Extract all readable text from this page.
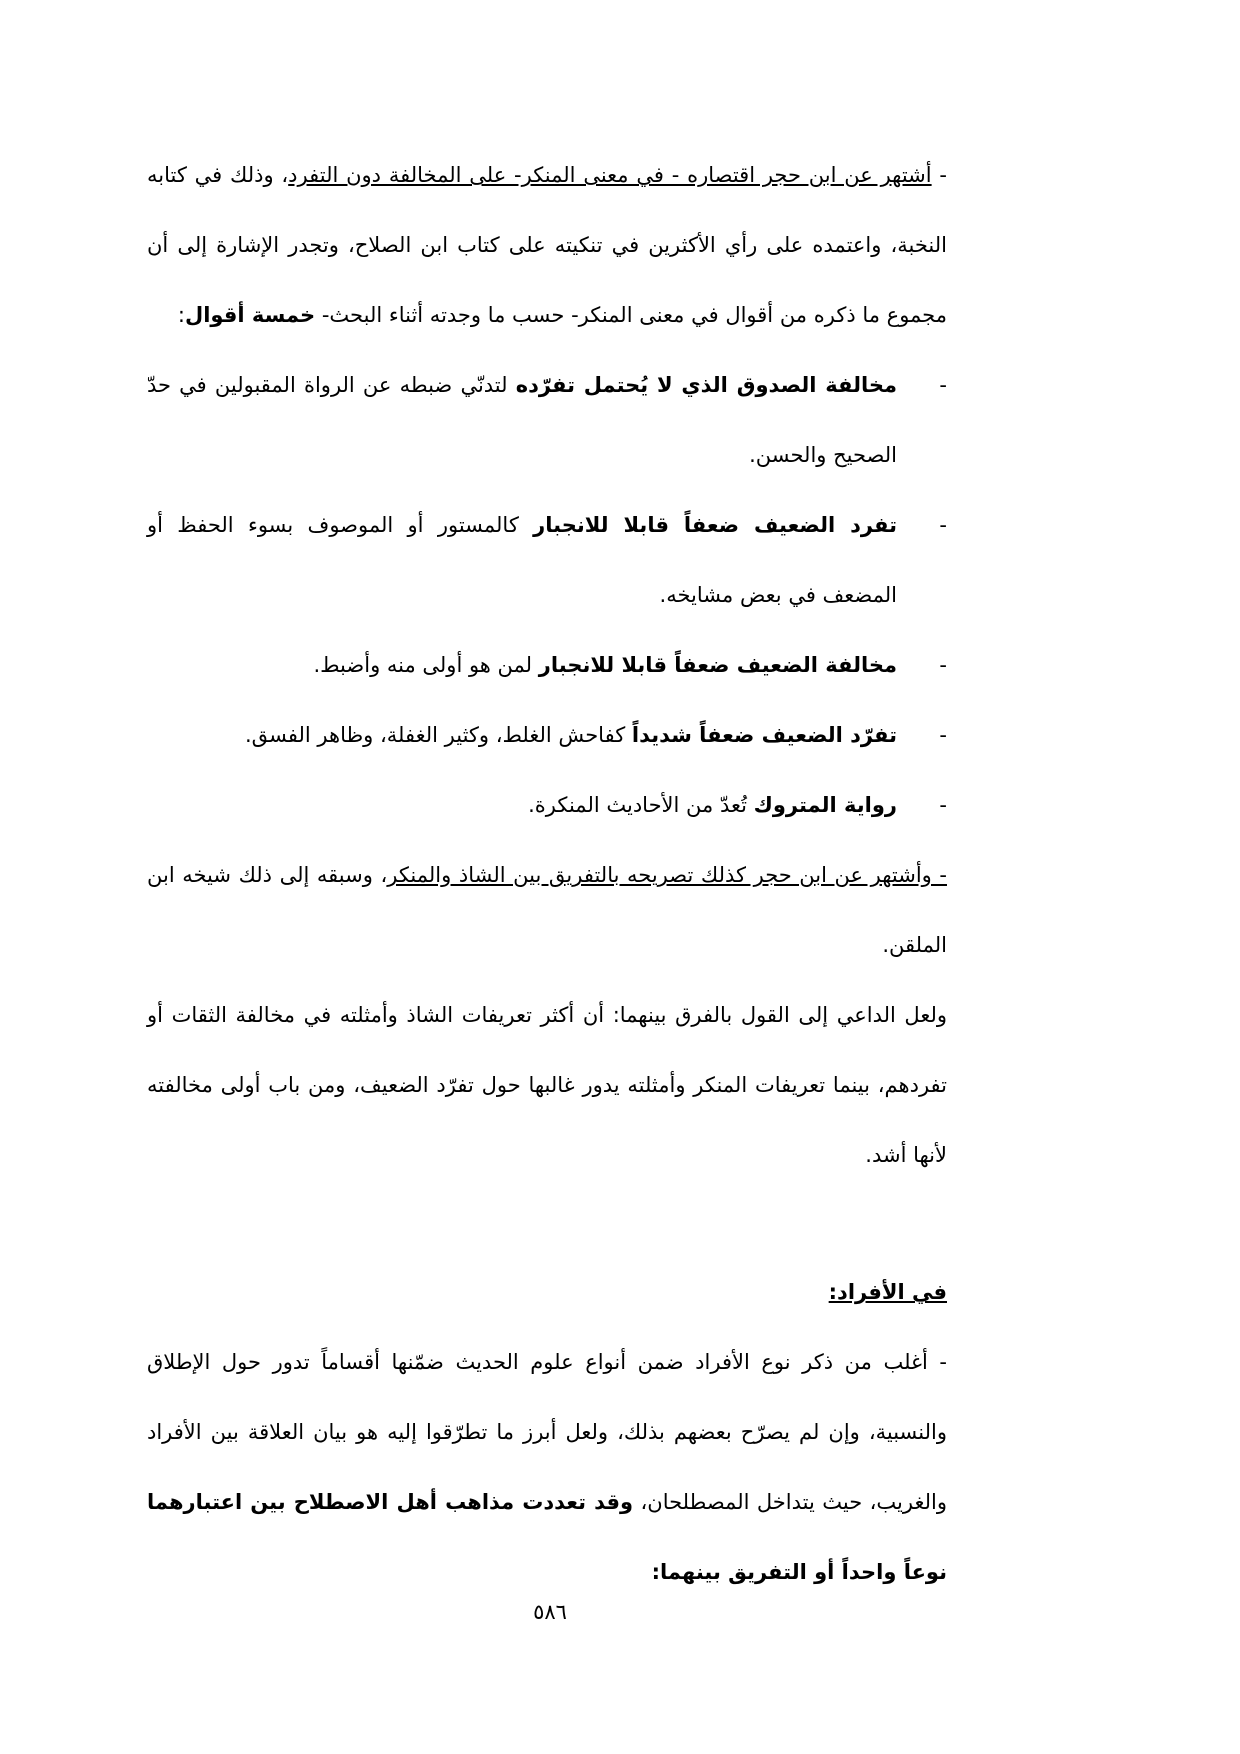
- أشتهر عن ابن حجر اقتصاره - في معنى المنكر- على المخالفة دون التفرد، وذلك في كتابه النخبة، واعتمده على رأي الأكثرين في تنكيته على كتاب ابن الصلاح، وتجدر الإشارة إلى أن مجموع ما ذكره من أقوال في معنى المنكر- حسب ما وجدته أثناء البحث- خمسة أقوال:

-
مخالفة الصدوق الذي لا يُحتمل تفرّده لتدنّي ضبطه عن الرواة المقبولين في حدّ الصحيح والحسن.
-
تفرد الضعيف ضعفاً قابلا للانجبار كالمستور أو الموصوف بسوء الحفظ أو المضعف في بعض مشايخه.
-
مخالفة الضعيف ضعفاً قابلا للانجبار لمن هو أولى منه وأضبط.
-
تفرّد الضعيف ضعفاً شديداً كفاحش الغلط، وكثير الغفلة، وظاهر الفسق.
-
رواية المتروك تُعدّ من الأحاديث المنكرة.

- وأشتهر عن ابن حجر كذلك تصريحه بالتفريق بين الشاذ والمنكر، وسبقه إلى ذلك شيخه ابن الملقن.

ولعل الداعي إلى القول بالفرق بينهما: أن أكثر تعريفات الشاذ وأمثلته في مخالفة الثقات أو تفردهم، بينما تعريفات المنكر وأمثلته يدور غالبها حول تفرّد الضعيف، ومن باب أولى مخالفته لأنها أشد.

في الأفراد:

- أغلب من ذكر نوع الأفراد ضمن أنواع علوم الحديث ضمّنها أقساماً تدور حول الإطلاق والنسبية، وإن لم يصرّح بعضهم بذلك، ولعل أبرز ما تطرّقوا إليه هو بيان العلاقة بين الأفراد والغريب، حيث يتداخل المصطلحان، وقد تعددت مذاهب أهل الاصطلاح بين اعتبارهما نوعاً واحداً أو التفريق بينهما:

٥٨٦
